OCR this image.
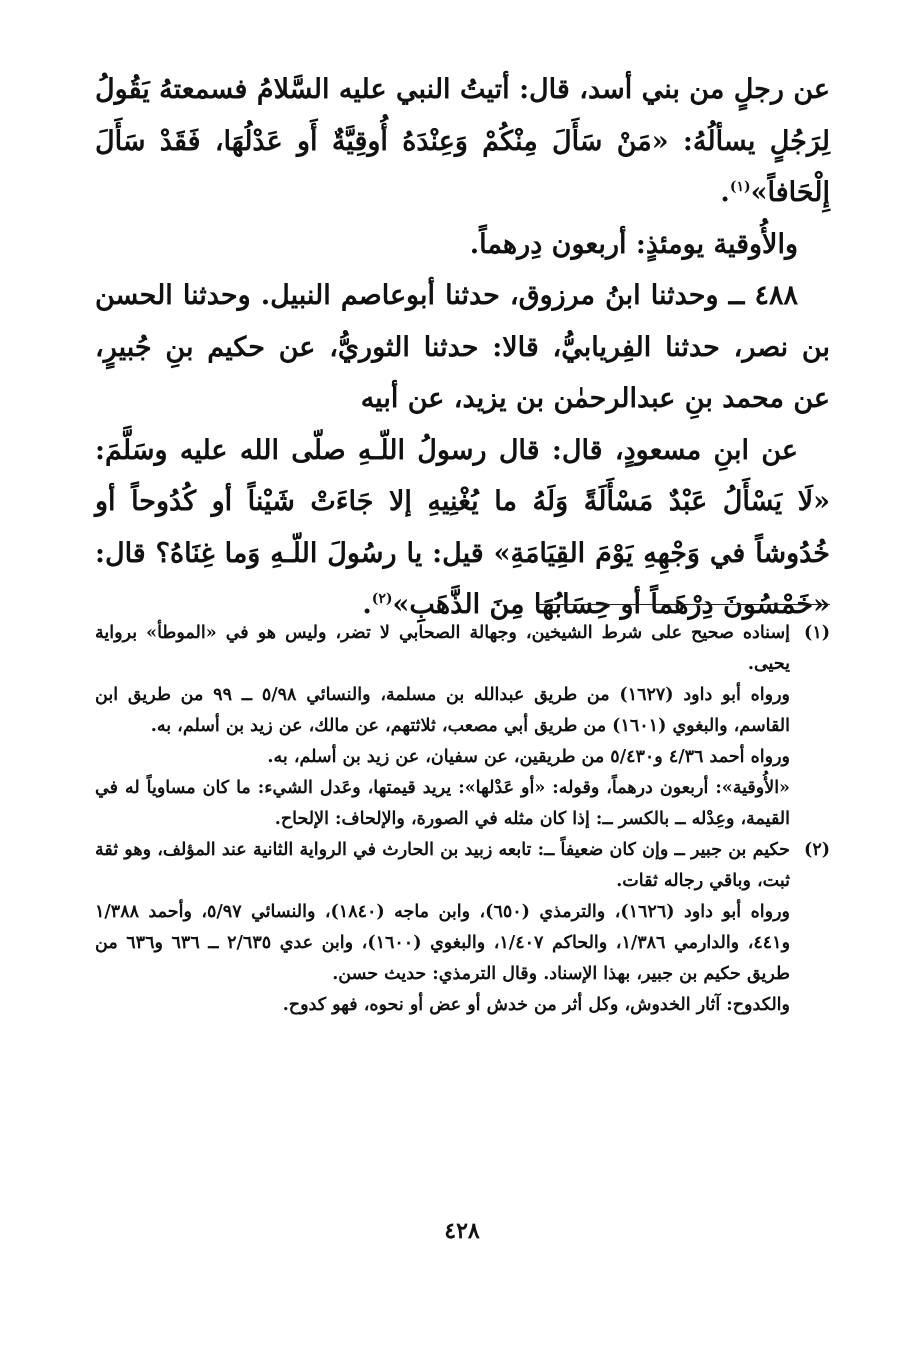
عن رجلٍ من بني أسد، قال: أتيتُ النبي عليه السَّلامُ فسمعتهُ يَقُولُ لِرَجُلٍ يسألُهُ: «مَنْ سَأَلَ مِنْكُمْ وَعِنْدَهُ أُوقِيَّةٌ أَو عَدْلُهَا، فَقَدْ سَأَلَ إِلْحَافاً»$^{(١)}$.

والأُوقية يومئذٍ: أربعون دِرهماً.

٤٨٨ ــ وحدثنا ابنُ مرزوق، حدثنا أبوعاصم النبيل. وحدثنا الحسن بن نصر، حدثنا الفِريابيُّ، قالا: حدثنا الثوريُّ، عن حكيم بنِ جُبيرٍ، عن محمد بنِ عبدالرحمٰن بن يزيد، عن أبيه

عن ابنِ مسعودٍ، قال: قال رسولُ اللّـهِ صلّى الله عليه وسَلَّمَ: «لَا يَسْأَلُ عَبْدٌ مَسْأَلَةً وَلَهُ ما يُغْنِيهِ إلا جَاءَتْ شَيْناً أو كُدُوحاً أو خُدُوشاً في وَجْهِهِ يَوْمَ القِيَامَةِ» قيل: يا رسُولَ اللّـهِ وَما غِنَاهُ؟ قال: «خَمْسُونَ دِرْهَماً أو حِسَابُهَا مِنَ الذَّهَبِ»$^{(٢)}$.

(١)

إسناده صحيح على شرط الشيخين، وجهالة الصحابي لا تضر، وليس هو في «الموطأ» برواية يحيى.

ورواه أبو داود (١٦٢٧) من طريق عبدالله بن مسلمة، والنسائي ٥/٩٨ ــ ٩٩ من طريق ابن القاسم، والبغوي (١٦٠١) من طريق أبي مصعب، ثلاثتهم، عن مالك، عن زيد بن أسلم، به.

ورواه أحمد ٤/٣٦ و٥/٤٣٠ من طريقين، عن سفيان، عن زيد بن أسلم، به.

«الأُوقية»: أربعون درهماً، وقوله: «أو عَدْلها»: يريد قيمتها، وعَدل الشيء: ما كان مساوياً له في القيمة، وعِدْله ــ بالكسر ــ: إذا كان مثله في الصورة، والإلحاف: الإلحاح.

(٢)

حكيم بن جبير ــ وإن كان ضعيفاً ــ: تابعه زبيد بن الحارث في الرواية الثانية عند المؤلف، وهو ثقة ثبت، وباقي رجاله ثقات.

ورواه أبو داود (١٦٢٦)، والترمذي (٦٥٠)، وابن ماجه (١٨٤٠)، والنسائي ٥/٩٧، وأحمد ١/٣٨٨ و٤٤١، والدارمي ١/٣٨٦، والحاكم ١/٤٠٧، والبغوي (١٦٠٠)، وابن عدي ٢/٦٣٥ ــ ٦٣٦ و٦٣٦ من طريق حكيم بن جبير، بهذا الإسناد. وقال الترمذي: حديث حسن.

والكدوح: آثار الخدوش، وكل أثر من خدش أو عض أو نحوه، فهو كدوح.

٤٢٨
